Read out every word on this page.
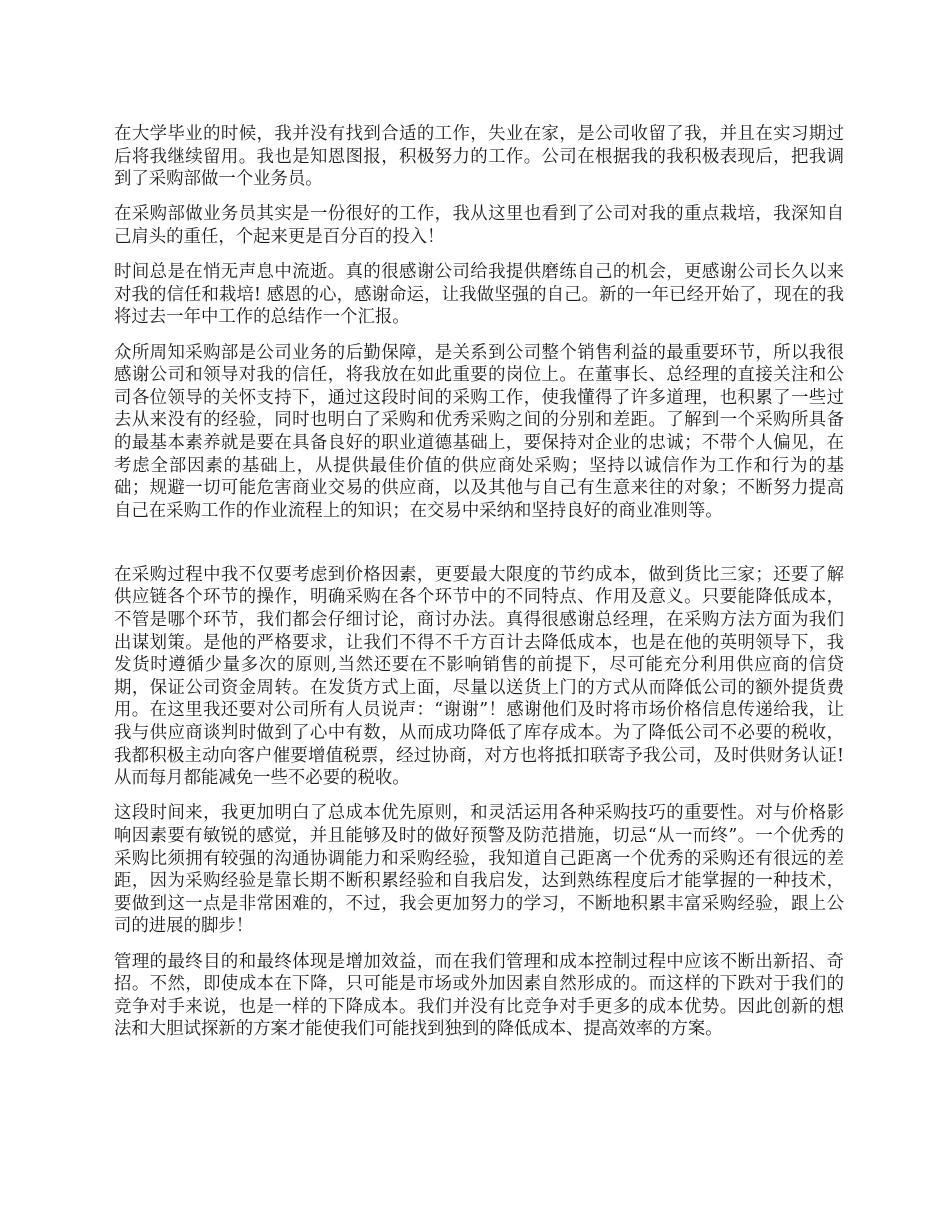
在大学毕业的时候，我并没有找到合适的工作，失业在家，是公司收留了我，并且在实习期过后将我继续留用。我也是知恩图报，积极努力的工作。公司在根据我的我积极表现后，把我调到了采购部做一个业务员。

在采购部做业务员其实是一份很好的工作，我从这里也看到了公司对我的重点栽培，我深知自己肩头的重任，个起来更是百分百的投入！

时间总是在悄无声息中流逝。真的很感谢公司给我提供磨练自己的机会，更感谢公司长久以来对我的信任和栽培! 感恩的心，感谢命运，让我做坚强的自己。新的一年已经开始了，现在的我将过去一年中工作的总结作一个汇报。

众所周知采购部是公司业务的后勤保障，是关系到公司整个销售利益的最重要环节，所以我很感谢公司和领导对我的信任，将我放在如此重要的岗位上。在董事长、总经理的直接关注和公司各位领导的关怀支持下，通过这段时间的采购工作，使我懂得了许多道理，也积累了一些过去从来没有的经验，同时也明白了采购和优秀采购之间的分别和差距。了解到一个采购所具备的最基本素养就是要在具备良好的职业道德基础上，要保持对企业的忠诚；不带个人偏见，在考虑全部因素的基础上，从提供最佳价值的供应商处采购；坚持以诚信作为工作和行为的基础；规避一切可能危害商业交易的供应商，以及其他与自己有生意来往的对象；不断努力提高自己在采购工作的作业流程上的知识；在交易中采纳和坚持良好的商业准则等。

在采购过程中我不仅要考虑到价格因素，更要最大限度的节约成本，做到货比三家；还要了解供应链各个环节的操作，明确采购在各个环节中的不同特点、作用及意义。只要能降低成本，不管是哪个环节，我们都会仔细讨论，商讨办法。真得很感谢总经理，在采购方法方面为我们出谋划策。是他的严格要求，让我们不得不千方百计去降低成本，也是在他的英明领导下，我发货时遵循少量多次的原则,当然还要在不影响销售的前提下，尽可能充分利用供应商的信贷期，保证公司资金周转。在发货方式上面，尽量以送货上门的方式从而降低公司的额外提货费用。在这里我还要对公司所有人员说声：“谢谢”！感谢他们及时将市场价格信息传递给我，让我与供应商谈判时做到了心中有数，从而成功降低了库存成本。为了降低公司不必要的税收，我都积极主动向客户催要增值税票，经过协商，对方也将抵扣联寄予我公司，及时供财务认证!从而每月都能减免一些不必要的税收。

这段时间来，我更加明白了总成本优先原则，和灵活运用各种采购技巧的重要性。对与价格影响因素要有敏锐的感觉，并且能够及时的做好预警及防范措施，切忌“从一而终”。一个优秀的采购比须拥有较强的沟通协调能力和采购经验，我知道自己距离一个优秀的采购还有很远的差距，因为采购经验是靠长期不断积累经验和自我启发，达到熟练程度后才能掌握的一种技术，要做到这一点是非常困难的，不过，我会更加努力的学习，不断地积累丰富采购经验，跟上公司的进展的脚步！

管理的最终目的和最终体现是增加效益，而在我们管理和成本控制过程中应该不断出新招、奇招。不然，即使成本在下降，只可能是市场或外加因素自然形成的。而这样的下跌对于我们的竞争对手来说，也是一样的下降成本。我们并没有比竞争对手更多的成本优势。因此创新的想法和大胆试探新的方案才能使我们可能找到独到的降低成本、提高效率的方案。
